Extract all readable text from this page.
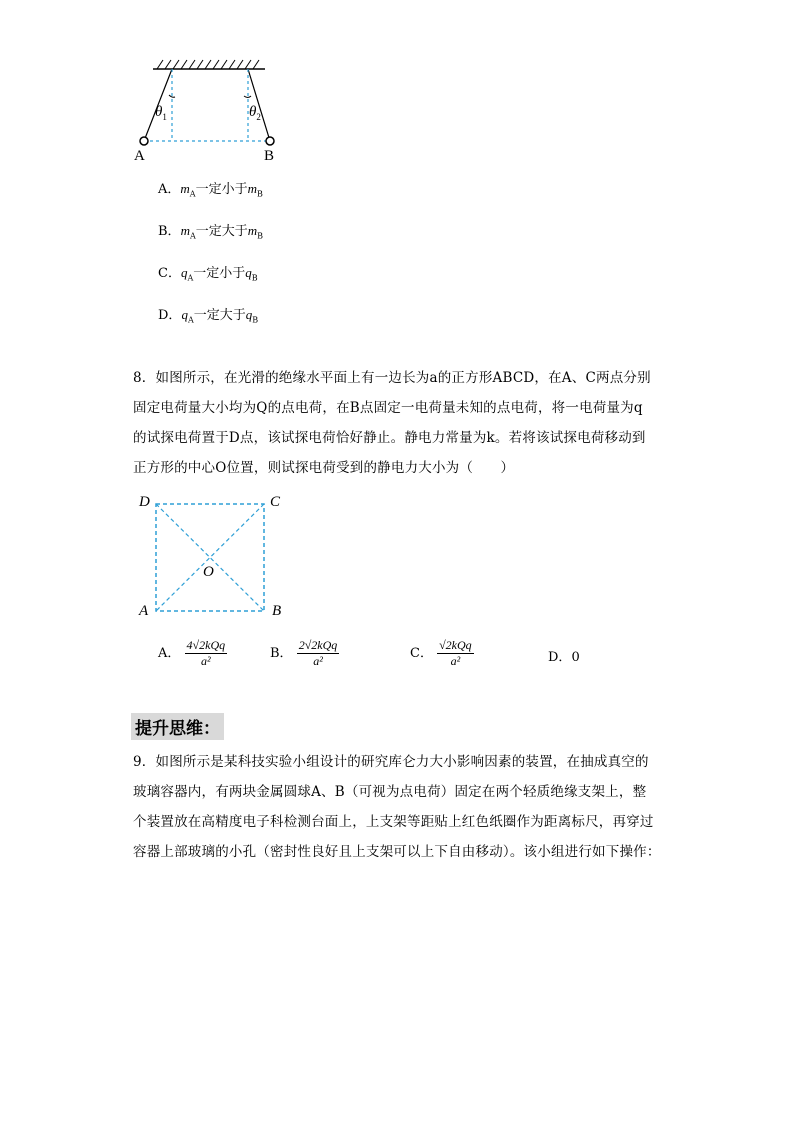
A	B
$\theta_1$	$\theta_2$
A．$m_A$一定小于$m_B$
B．$m_A$一定大于$m_B$
C．$q_A$一定小于$q_B$
D．$q_A$一定大于$q_B$

8．如图所示，在光滑的绝缘水平面上有一边长为a的正方形ABCD，在A、C两点分别

固定电荷量大小均为Q的点电荷，在B点固定一电荷量未知的点电荷，将一电荷量为q

的试探电荷置于D点，该试探电荷恰好静止。静电力常量为k。若将该试探电荷移动到

正方形的中心O位置，则试探电荷受到的静电力大小为（　　）

D	C
A	B
O
A． $\frac{\text{4√2kQq}}{\text{a²}}$	B． $\frac{\text{2√2kQq}}{\text{a²}}$	C． $\frac{\text{√2kQq}}{\text{a²}}$	D．0
提升思维：

9．如图所示是某科技实验小组设计的研究库仑力大小影响因素的装置，在抽成真空的

玻璃容器内，有两块金属圆球A、B（可视为点电荷）固定在两个轻质绝缘支架上，整

个装置放在高精度电子科检测台面上，上支架等距贴上红色纸圈作为距离标尺，再穿过

容器上部玻璃的小孔（密封性良好且上支架可以上下自由移动）。该小组进行如下操作：
